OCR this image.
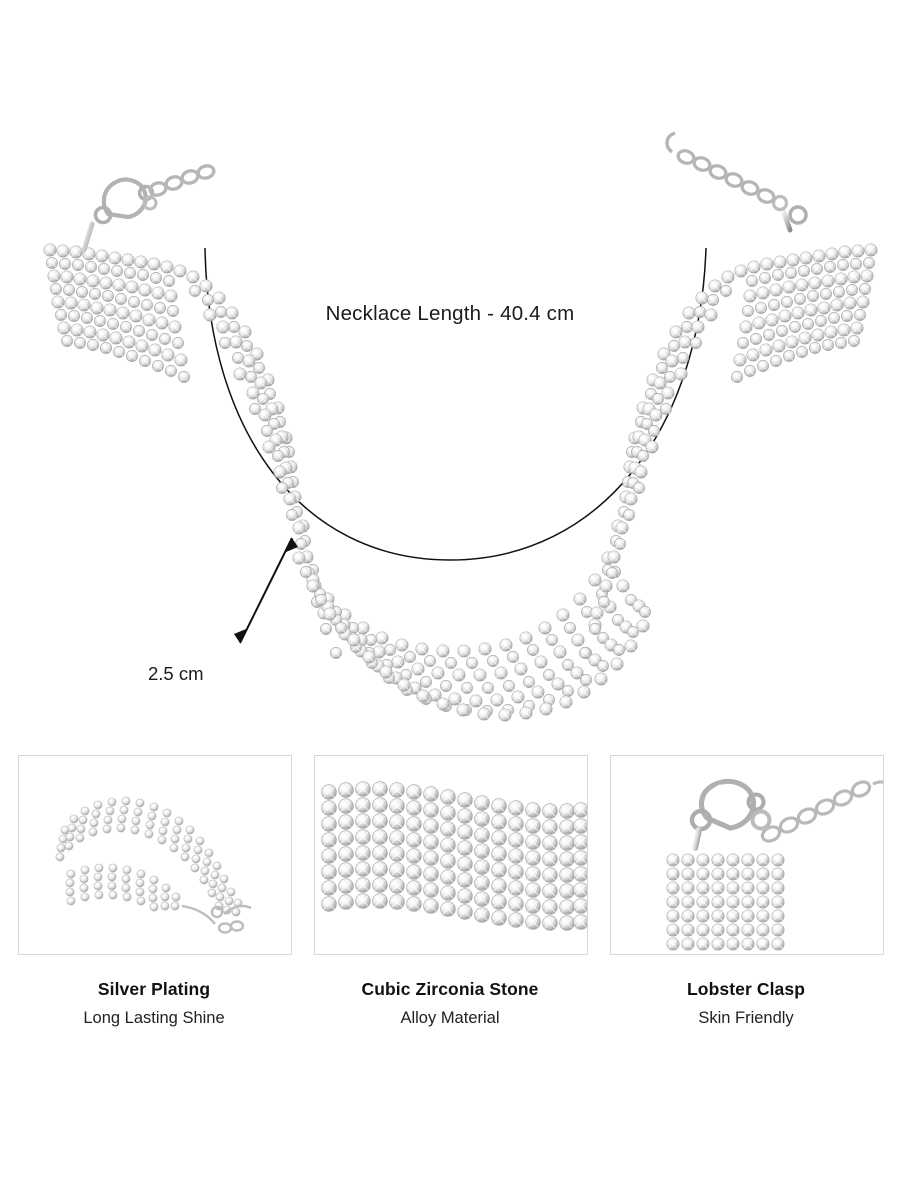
Necklace Length - 40.4 cm
2.5 cm
Silver Plating
Long Lasting Shine
Cubic Zirconia Stone
Alloy Material
Lobster Clasp
Skin Friendly
